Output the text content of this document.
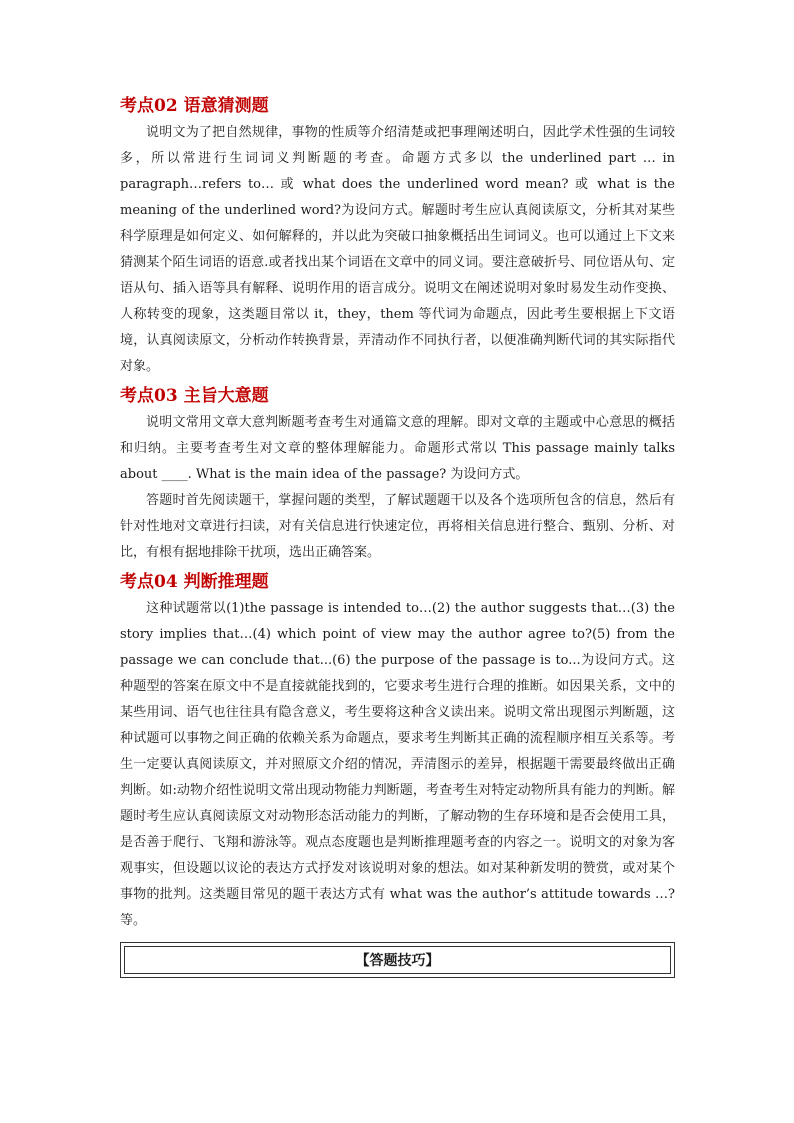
考点02 语意猜测题

说明文为了把自然规律，事物的性质等介绍清楚或把事理阐述明白，因此学术性强的生词较多，所以常进行生词词义判断题的考查。命题方式多以 the underlined part … in paragraph…refers to… 或 what does the underlined word mean? 或 what is the meaning of the underlined word?为设问方式。解题时考生应认真阅读原文，分析其对某些科学原理是如何定义、如何解释的，并以此为突破口抽象概括出生词词义。也可以通过上下文来猜测某个陌生词语的语意.或者找出某个词语在文章中的同义词。要注意破折号、同位语从句、定语从句、插入语等具有解释、说明作用的语言成分。说明文在阐述说明对象时易发生动作变换、人称转变的现象，这类题目常以 it，they，them 等代词为命题点，因此考生要根据上下文语境，认真阅读原文，分析动作转换背景，弄清动作不同执行者，以便准确判断代词的其实际指代对象。

考点03 主旨大意题

说明文常用文章大意判断题考查考生对通篇文意的理解。即对文章的主题或中心意思的概括和归纳。主要考查考生对文章的整体理解能力。命题形式常以 This passage mainly talks about ____. What is the main idea of the passage? 为设问方式。

答题时首先阅读题干，掌握问题的类型，了解试题题干以及各个选项所包含的信息，然后有针对性地对文章进行扫读，对有关信息进行快速定位，再将相关信息进行整合、甄别、分析、对比，有根有据地排除干扰项，选出正确答案。

考点04 判断推理题

这种试题常以(1)the passage is intended to…(2) the author suggests that…(3) the story implies that…(4) which point of view may the author agree to?(5) from the passage we can conclude that...(6) the purpose of the passage is to...为设问方式。这种题型的答案在原文中不是直接就能找到的，它要求考生进行合理的推断。如因果关系，文中的某些用词、语气也往往具有隐含意义，考生要将这种含义读出来。说明文常出现图示判断题，这种试题可以事物之间正确的依赖关系为命题点，要求考生判断其正确的流程顺序相互关系等。考生一定要认真阅读原文，并对照原文介绍的情况，弄清图示的差异，根据题干需要最终做出正确判断。如:动物介绍性说明文常出现动物能力判断题，考查考生对特定动物所具有能力的判断。解题时考生应认真阅读原文对动物形态活动能力的判断，了解动物的生存环境和是否会使用工具，是否善于爬行、飞翔和游泳等。观点态度题也是判断推理题考查的内容之一。说明文的对象为客观事实，但设题以议论的表达方式抒发对该说明对象的想法。如对某种新发明的赞赏，或对某个事物的批判。这类题目常见的题干表达方式有 what was the author’s attitude towards …?等。

【答题技巧】
